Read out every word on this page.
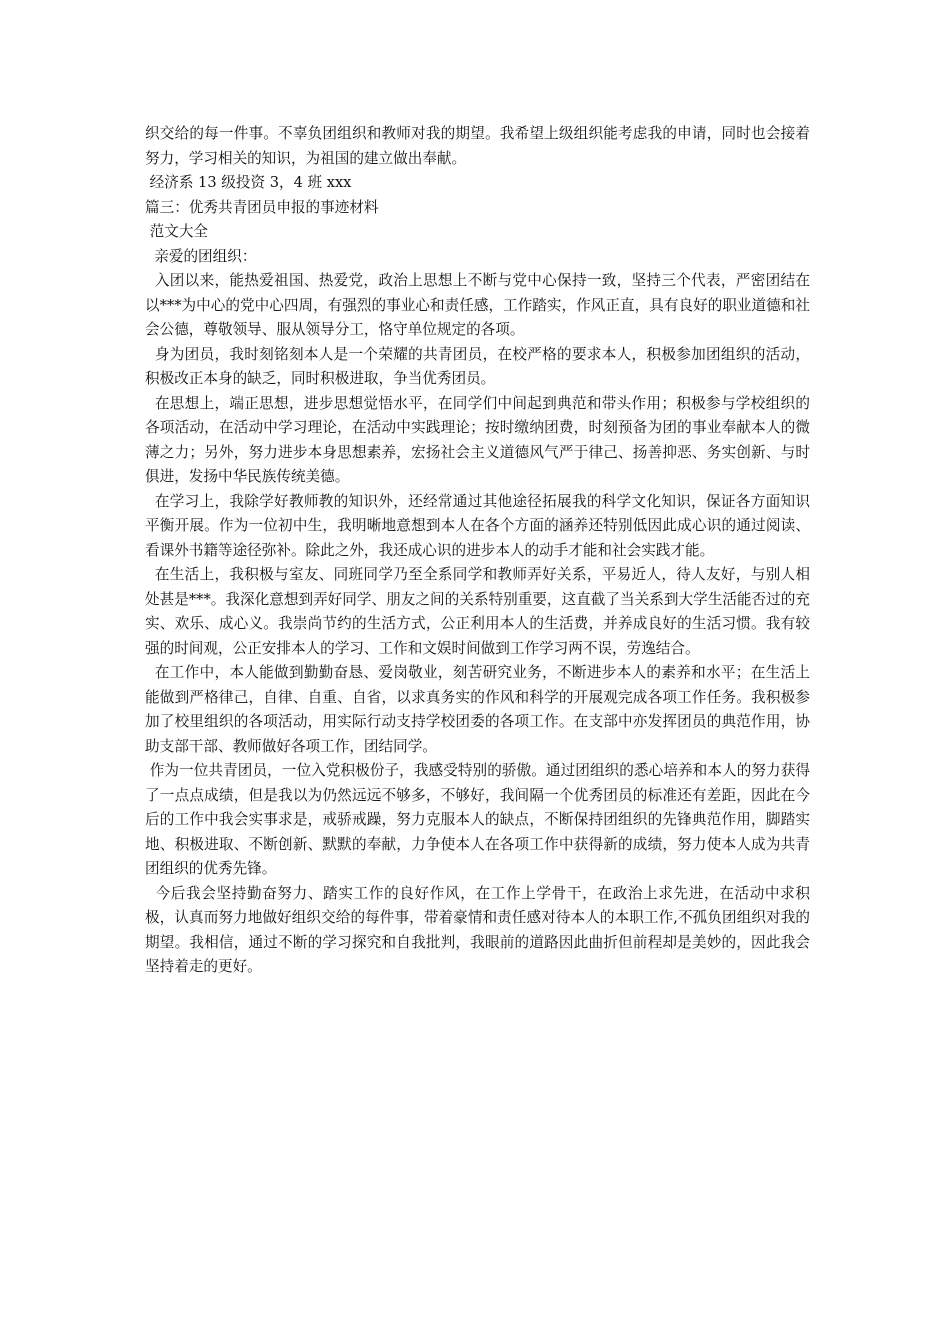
织交给的每一件事。不辜负团组织和教师对我的期望。我希望上级组织能考虑我的申请，同时也会接着努力，学习相关的知识，为祖国的建立做出奉献。

经济系 13 级投资 3，4 班 xxx

篇三：优秀共青团员申报的事迹材料

范文大全

亲爱的团组织：

入团以来，能热爱祖国、热爱党，政治上思想上不断与党中心保持一致，坚持三个代表，严密团结在以***为中心的党中心四周，有强烈的事业心和责任感，工作踏实，作风正直，具有良好的职业道德和社会公德，尊敬领导、服从领导分工，恪守单位规定的各项。

身为团员，我时刻铭刻本人是一个荣耀的共青团员，在校严格的要求本人，积极参加团组织的活动，积极改正本身的缺乏，同时积极进取，争当优秀团员。

在思想上，端正思想，进步思想觉悟水平，在同学们中间起到典范和带头作用；积极参与学校组织的各项活动，在活动中学习理论，在活动中实践理论；按时缴纳团费，时刻预备为团的事业奉献本人的微薄之力；另外，努力进步本身思想素养，宏扬社会主义道德风气严于律己、扬善抑恶、务实创新、与时俱进，发扬中华民族传统美德。

在学习上，我除学好教师教的知识外，还经常通过其他途径拓展我的科学文化知识，保证各方面知识平衡开展。作为一位初中生，我明晰地意想到本人在各个方面的涵养还特别低因此成心识的通过阅读、看课外书籍等途径弥补。除此之外，我还成心识的进步本人的动手才能和社会实践才能。

在生活上，我积极与室友、同班同学乃至全系同学和教师弄好关系，平易近人，待人友好，与别人相处甚是***。我深化意想到弄好同学、朋友之间的关系特别重要，这直截了当关系到大学生活能否过的充实、欢乐、成心义。我崇尚节约的生活方式，公正利用本人的生活费，并养成良好的生活习惯。我有较强的时间观，公正安排本人的学习、工作和文娱时间做到工作学习两不误，劳逸结合。

在工作中，本人能做到勤勤奋恳、爱岗敬业，刻苦研究业务，不断进步本人的素养和水平；在生活上能做到严格律己，自律、自重、自省，以求真务实的作风和科学的开展观完成各项工作任务。我积极参加了校里组织的各项活动，用实际行动支持学校团委的各项工作。在支部中亦发挥团员的典范作用，协助支部干部、教师做好各项工作，团结同学。

作为一位共青团员，一位入党积极份子，我感受特别的骄傲。通过团组织的悉心培养和本人的努力获得了一点点成绩，但是我以为仍然远远不够多，不够好，我间隔一个优秀团员的标准还有差距，因此在今后的工作中我会实事求是，戒骄戒躁，努力克服本人的缺点，不断保持团组织的先锋典范作用，脚踏实地、积极进取、不断创新、默默的奉献，力争使本人在各项工作中获得新的成绩，努力使本人成为共青团组织的优秀先锋。

今后我会坚持勤奋努力、踏实工作的良好作风，在工作上学骨干，在政治上求先进，在活动中求积极，认真而努力地做好组织交给的每件事，带着豪情和责任感对待本人的本职工作,不孤负团组织对我的期望。我相信，通过不断的学习探究和自我批判，我眼前的道路因此曲折但前程却是美妙的，因此我会坚持着走的更好。
